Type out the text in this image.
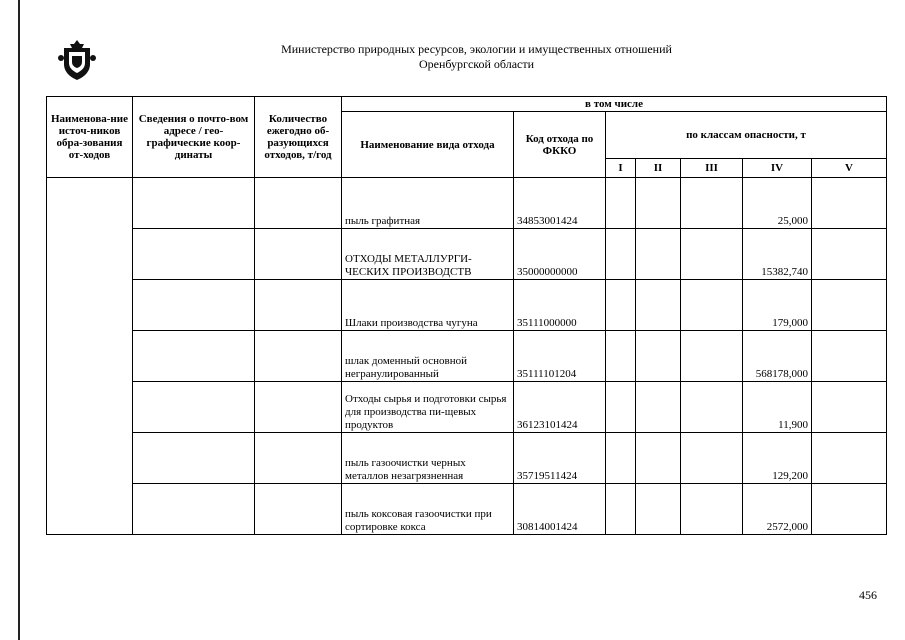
Министерство природных ресурсов, экологии и имущественных отношений
Оренбургской области
Наименова-ние источ-ников обра-зования от-ходов	Сведения о почто-вом адресе / гео-графические коор-динаты	Количество ежегодно об-разующихся отходов, т/год	в том числе						
			Наименование вида отхода	Код отхода по ФККО	по классам опасности, т				
					I	II	III	IV	V
			пыль графитная	34853001424				25,000	
			ОТХОДЫ МЕТАЛЛУРГИ-ЧЕСКИХ ПРОИЗВОДСТВ	35000000000				15382,740	
			Шлаки производства чугуна	35111000000				179,000	
			шлак доменный основной негранулированный	35111101204				568178,000	
			Отходы сырья и подготовки сырья для производства пи-щевых продуктов	36123101424				11,900	
			пыль газоочистки черных металлов незагрязненная	35719511424				129,200	
			пыль коксовая газоочистки при сортировке кокса	30814001424				2572,000	
456
